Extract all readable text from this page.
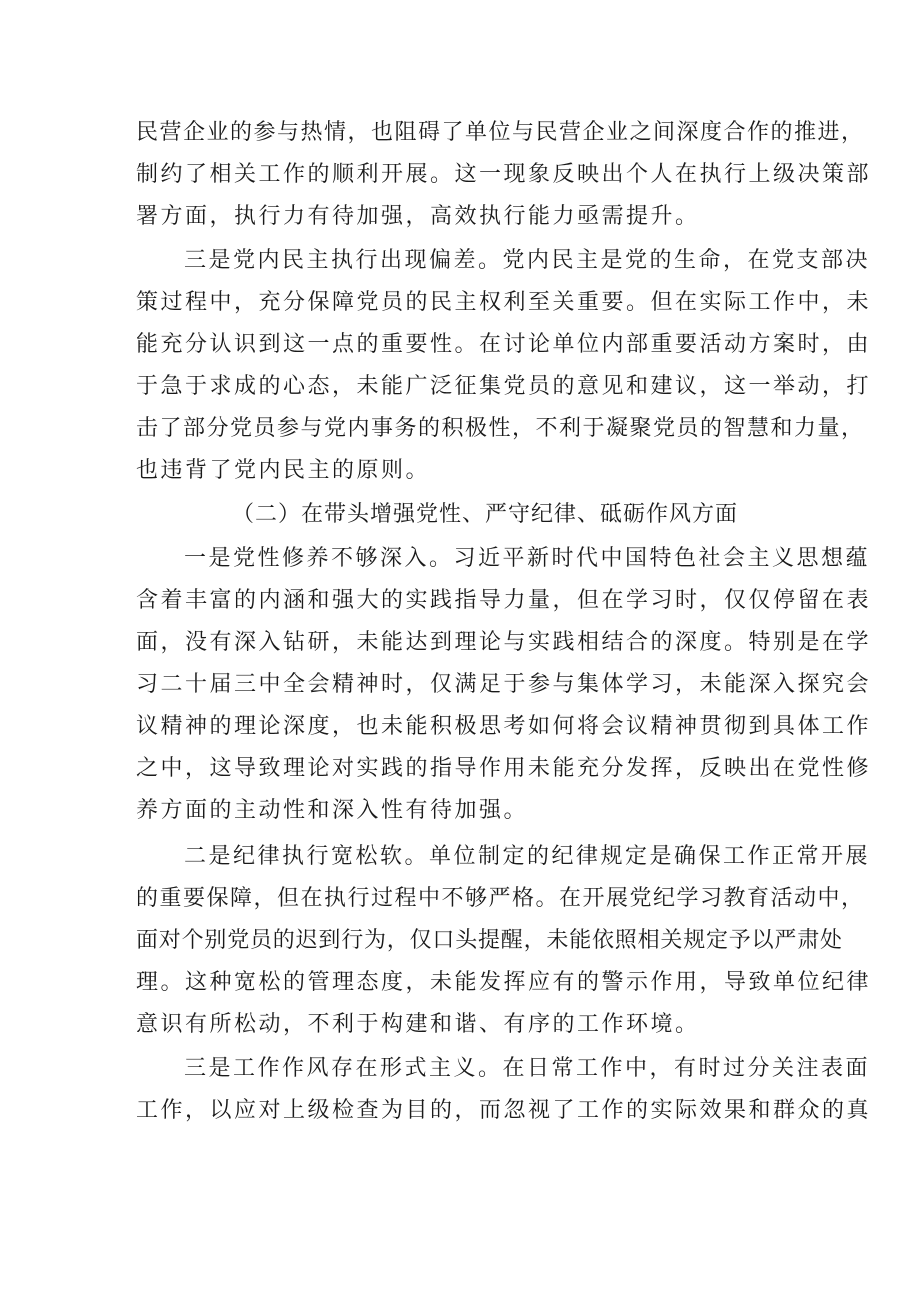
民营企业的参与热情，也阻碍了单位与民营企业之间深度合作的推进，
制约了相关工作的顺利开展。这一现象反映出个人在执行上级决策部
署方面，执行力有待加强，高效执行能力亟需提升。
三是党内民主执行出现偏差。党内民主是党的生命，在党支部决
策过程中，充分保障党员的民主权利至关重要。但在实际工作中，未
能充分认识到这一点的重要性。在讨论单位内部重要活动方案时，由
于急于求成的心态，未能广泛征集党员的意见和建议，这一举动，打
击了部分党员参与党内事务的积极性，不利于凝聚党员的智慧和力量，
也违背了党内民主的原则。
（二）在带头增强党性、严守纪律、砥砺作风方面
一是党性修养不够深入。习近平新时代中国特色社会主义思想蕴
含着丰富的内涵和强大的实践指导力量，但在学习时，仅仅停留在表
面，没有深入钻研，未能达到理论与实践相结合的深度。特别是在学
习二十届三中全会精神时，仅满足于参与集体学习，未能深入探究会
议精神的理论深度，也未能积极思考如何将会议精神贯彻到具体工作
之中，这导致理论对实践的指导作用未能充分发挥，反映出在党性修
养方面的主动性和深入性有待加强。
二是纪律执行宽松软。单位制定的纪律规定是确保工作正常开展
的重要保障，但在执行过程中不够严格。在开展党纪学习教育活动中，
面对个别党员的迟到行为，仅口头提醒，未能依照相关规定予以严肃处
理。这种宽松的管理态度，未能发挥应有的警示作用，导致单位纪律
意识有所松动，不利于构建和谐、有序的工作环境。
三是工作作风存在形式主义。在日常工作中，有时过分关注表面
工作，以应对上级检查为目的，而忽视了工作的实际效果和群众的真
